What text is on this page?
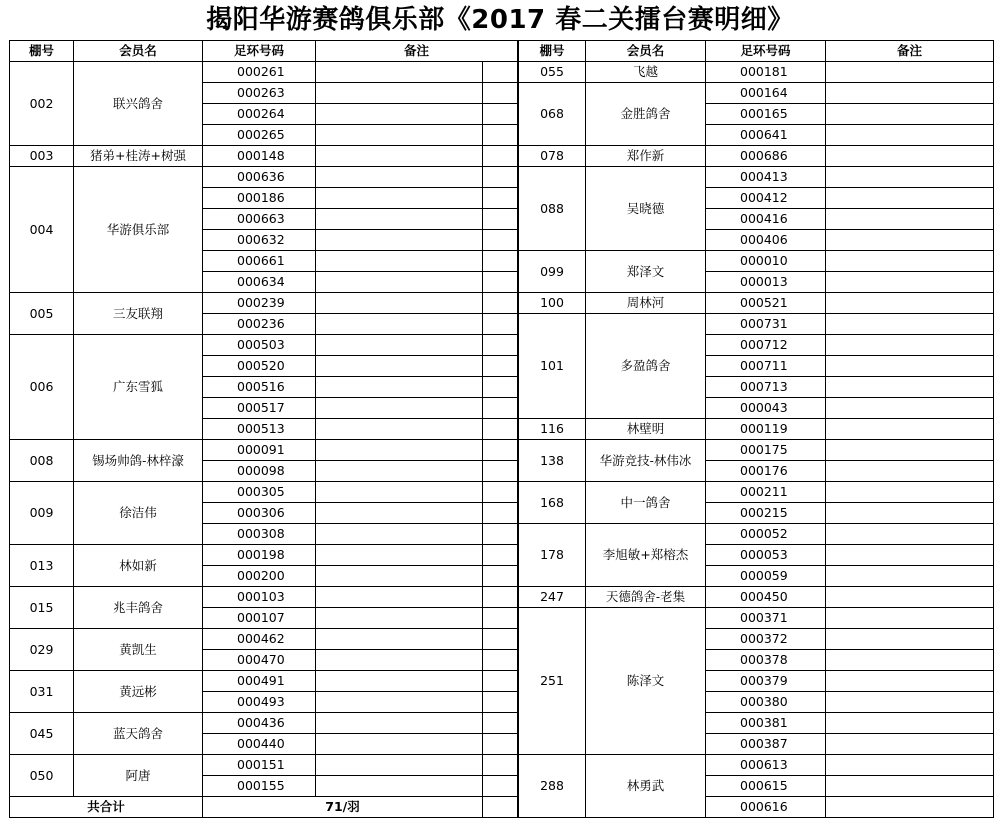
揭阳华游赛鸽俱乐部《2017 春二关擂台赛明细》
棚号	会员名	足环号码	备注	
002	联兴鸽舍	000261		
		000263		
		000264		
		000265		
003	猪弟+桂涛+树强	000148		
004	华游俱乐部	000636		
		000186		
		000663		
		000632		
		000661		
		000634		
005	三友联翔	000239		
		000236		
006	广东雪狐	000503		
		000520		
		000516		
		000517		
		000513		
008	锡场帅鸽-林梓濠	000091		
		000098		
009	徐洁伟	000305		
		000306		
		000308		
013	林如新	000198		
		000200		
015	兆丰鸽舍	000103		
		000107		
029	黄凯生	000462		
		000470		
031	黄远彬	000491		
		000493		
045	蓝天鸽舍	000436		
		000440		
050	阿唐	000151		
		000155		
共合计		71/羽		
棚号	会员名	足环号码	备注
055	飞越	000181	
068	金胜鸽舍	000164	
		000165	
		000641	
078	郑作新	000686	
088	吴晓德	000413	
		000412	
		000416	
		000406	
099	郑泽文	000010	
		000013	
100	周林河	000521	
101	多盈鸽舍	000731	
		000712	
		000711	
		000713	
		000043	
116	林壁明	000119	
138	华游竞技-林伟冰	000175	
		000176	
168	中一鸽舍	000211	
		000215	
178	李旭敏+郑榕杰	000052	
		000053	
		000059	
247	天德鸽舍-老集	000450	
251	陈泽文	000371	
		000372	
		000378	
		000379	
		000380	
		000381	
		000387	
288	林勇武	000613	
		000615	
		000616	
